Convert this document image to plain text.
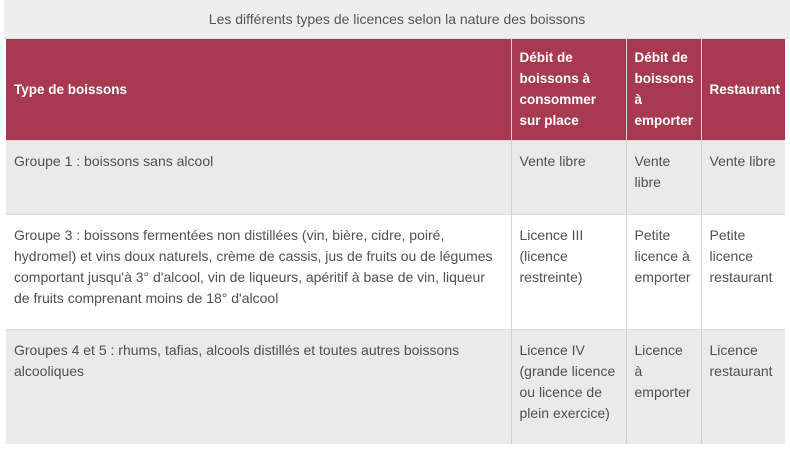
Les différents types de licences selon la nature des boissons
Type de boissons	Débit de boissons à consommer sur place	Débit de boissons à emporter	Restaurant
Groupe 1 : boissons sans alcool	Vente libre	Vente libre	Vente libre
Groupe 3 : boissons fermentées non distillées (vin, bière, cidre, poiré, hydromel) et vins doux naturels, crème de cassis, jus de fruits ou de légumes comportant jusqu'à 3° d'alcool, vin de liqueurs, apéritif à base de vin, liqueur de fruits comprenant moins de 18° d'alcool	Licence III (licence restreinte)	Petite licence à emporter	Petite licence restaurant
Groupes 4 et 5 : rhums, tafias, alcools distillés et toutes autres boissons alcooliques	Licence IV (grande licence ou licence de plein exercice)	Licence à emporter	Licence restaurant
